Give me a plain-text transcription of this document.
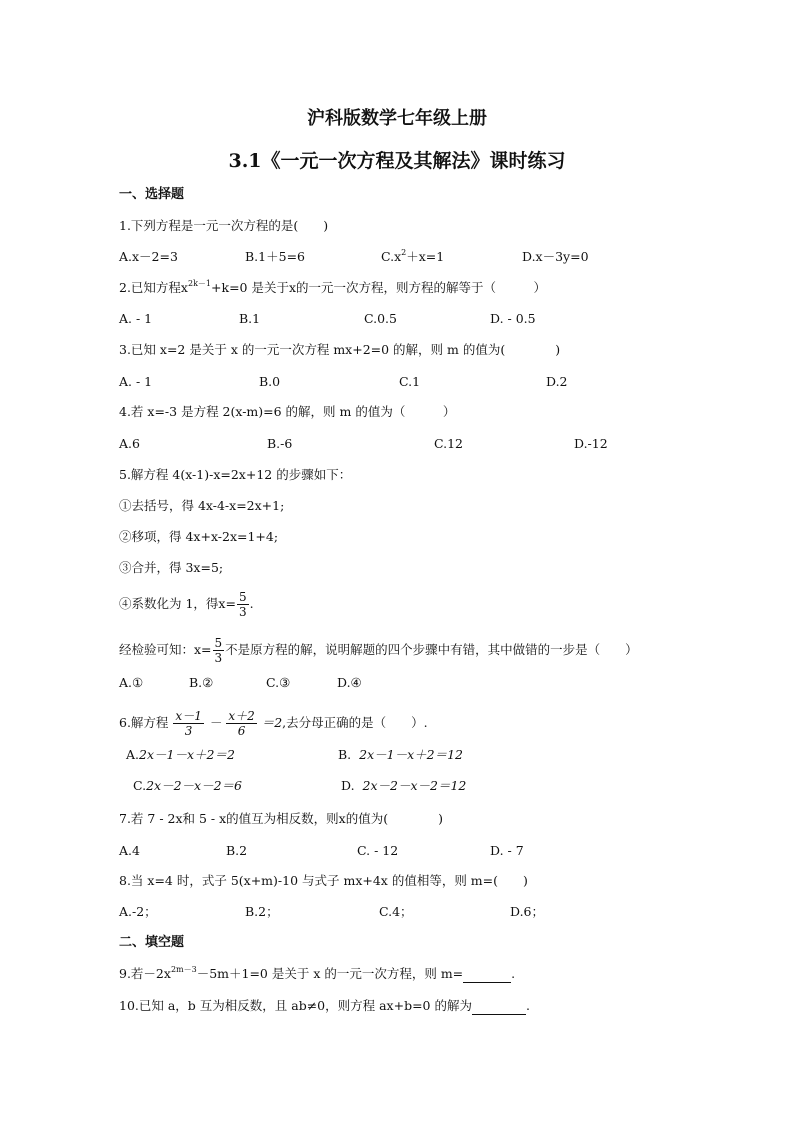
沪科版数学七年级上册
3.1《一元一次方程及其解法》课时练习
一、选择题
1.下列方程是一元一次方程的是(　　)
A.x－2=3	B.1＋5=6	$C.x^2+x=1$	D.x－3y=0
2.已知方程$x^{2k-1}+k=0$ 是关于x的一元一次方程，则方程的解等于（　　　）
A. - 1	B.1	C.0.5	D. - 0.5
3.已知 x=2 是关于 x 的一元一次方程 mx+2=0 的解，则 m 的值为(　　　　)
A. - 1	B.0	C.1	D.2
4.若 x=-3 是方程 2(x-m)=6 的解，则 m 的值为（　　　）
A.6	B.-6	C.12	D.-12
5.解方程 4(x-1)-x=2x+12 的步骤如下：
①去括号，得 4x-4-x=2x+1;
②移项，得 4x+x-2x=1+4;
③合并，得 3x=5;
④系数化为 1，得$x= \frac{5}{3}$ .
经检验可知：$x= \frac{5}{3}$ 不是原方程的解，说明解题的四个步骤中有错，其中做错的一步是（　　）
A.①	B.②	C.③	D.④
6.解方程 $\frac{x-1}{3} - \frac{x+2}{6} =2$,去分母正确的是（　　）.
A.2x－1－x＋2＝2	B. 2x－1－x＋2＝12
C.2x－2－x－2＝6	D. 2x－2－x－2＝12
7.若 7 - 2x和 5 - x的值互为相反数，则x的值为(　　　　)
A.4	B.2	C. - 12	D. - 7
8.当 x=4 时，式子 5(x+m)-10 与式子 mx+4x 的值相等，则 m=(　　)
A.-2；	B.2；	C.4；	D.6；
二、填空题
9.若$-2x^{2m-3}-5m+1=0$ 是关于 x 的一元一次方程，则 m=	.
10.已知 a，b 互为相反数，且 ab≠0，则方程 ax+b=0 的解为	.
